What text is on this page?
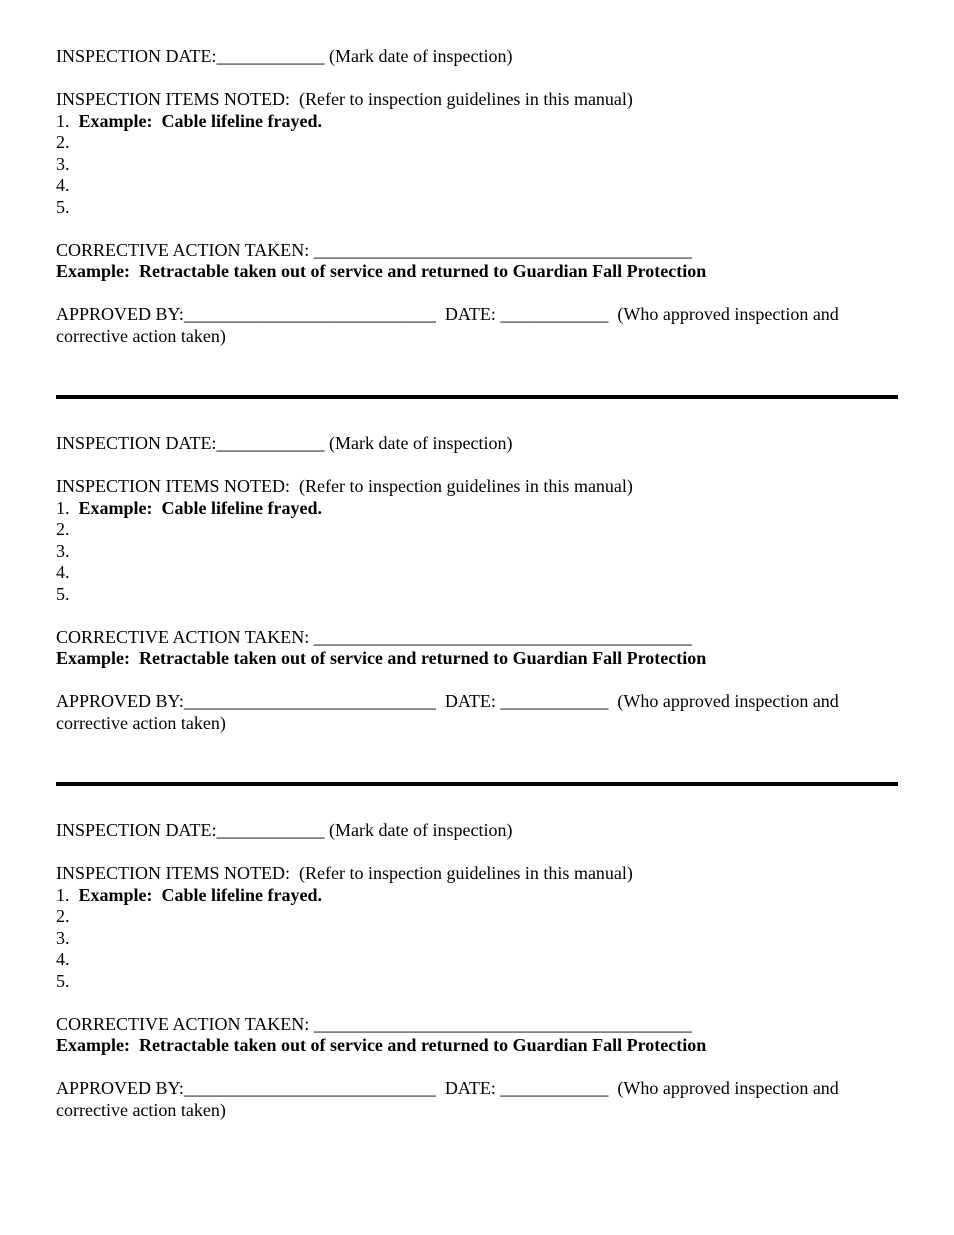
INSPECTION DATE:____________ (Mark date of inspection)
INSPECTION ITEMS NOTED:  (Refer to inspection guidelines in this manual)
1.  Example:  Cable lifeline frayed.
2.
3.
4.
5.
CORRECTIVE ACTION TAKEN: __________________________________________
Example:  Retractable taken out of service and returned to Guardian Fall Protection
APPROVED BY:____________________________  DATE: ____________  (Who approved inspection and corrective action taken)
INSPECTION DATE:____________ (Mark date of inspection)
INSPECTION ITEMS NOTED:  (Refer to inspection guidelines in this manual)
1.  Example:  Cable lifeline frayed.
2.
3.
4.
5.
CORRECTIVE ACTION TAKEN: __________________________________________
Example:  Retractable taken out of service and returned to Guardian Fall Protection
APPROVED BY:____________________________  DATE: ____________  (Who approved inspection and corrective action taken)
INSPECTION DATE:____________ (Mark date of inspection)
INSPECTION ITEMS NOTED:  (Refer to inspection guidelines in this manual)
1.  Example:  Cable lifeline frayed.
2.
3.
4.
5.
CORRECTIVE ACTION TAKEN: __________________________________________
Example:  Retractable taken out of service and returned to Guardian Fall Protection
APPROVED BY:____________________________  DATE: ____________  (Who approved inspection and corrective action taken)
